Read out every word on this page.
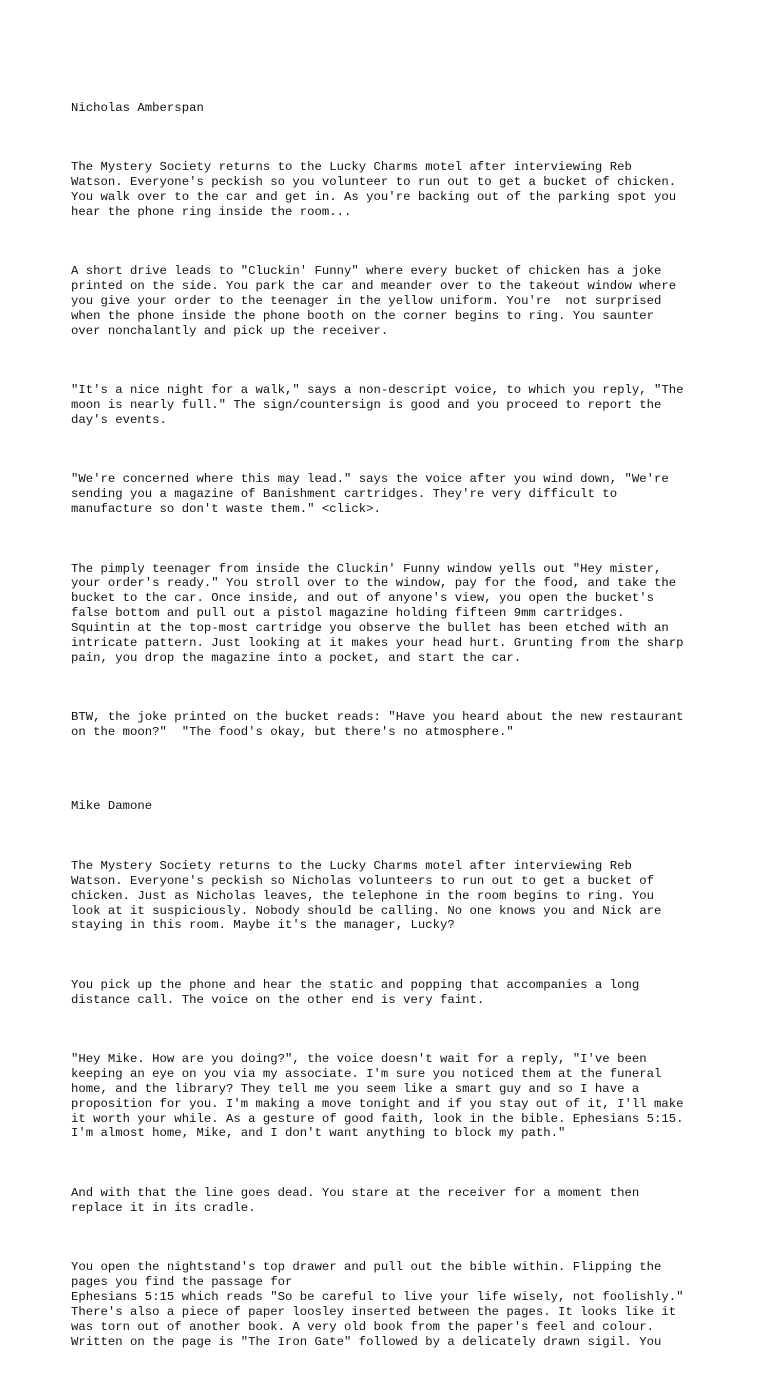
Nicholas Amberspan

The Mystery Society returns to the Lucky Charms motel after interviewing Reb
Watson. Everyone's peckish so you volunteer to run out to get a bucket of chicken.
You walk over to the car and get in. As you're backing out of the parking spot you
hear the phone ring inside the room...

A short drive leads to "Cluckin' Funny" where every bucket of chicken has a joke
printed on the side. You park the car and meander over to the takeout window where
you give your order to the teenager in the yellow uniform. You're  not surprised
when the phone inside the phone booth on the corner begins to ring. You saunter
over nonchalantly and pick up the receiver.

"It's a nice night for a walk," says a non-descript voice, to which you reply, "The
moon is nearly full." The sign/countersign is good and you proceed to report the
day's events.

"We're concerned where this may lead." says the voice after you wind down, "We're
sending you a magazine of Banishment cartridges. They're very difficult to
manufacture so don't waste them." <click>.

The pimply teenager from inside the Cluckin' Funny window yells out "Hey mister,
your order's ready." You stroll over to the window, pay for the food, and take the
bucket to the car. Once inside, and out of anyone's view, you open the bucket's
false bottom and pull out a pistol magazine holding fifteen 9mm cartridges.
Squintin at the top-most cartridge you observe the bullet has been etched with an
intricate pattern. Just looking at it makes your head hurt. Grunting from the sharp
pain, you drop the magazine into a pocket, and start the car.

BTW, the joke printed on the bucket reads: "Have you heard about the new restaurant
on the moon?"  "The food's okay, but there's no atmosphere."

Mike Damone

The Mystery Society returns to the Lucky Charms motel after interviewing Reb
Watson. Everyone's peckish so Nicholas volunteers to run out to get a bucket of
chicken. Just as Nicholas leaves, the telephone in the room begins to ring. You
look at it suspiciously. Nobody should be calling. No one knows you and Nick are
staying in this room. Maybe it's the manager, Lucky?

You pick up the phone and hear the static and popping that accompanies a long
distance call. The voice on the other end is very faint.

"Hey Mike. How are you doing?", the voice doesn't wait for a reply, "I've been
keeping an eye on you via my associate. I'm sure you noticed them at the funeral
home, and the library? They tell me you seem like a smart guy and so I have a
proposition for you. I'm making a move tonight and if you stay out of it, I'll make
it worth your while. As a gesture of good faith, look in the bible. Ephesians 5:15.
I'm almost home, Mike, and I don't want anything to block my path."

And with that the line goes dead. You stare at the receiver for a moment then
replace it in its cradle.

You open the nightstand's top drawer and pull out the bible within. Flipping the
pages you find the passage for
Ephesians 5:15 which reads "So be careful to live your life wisely, not foolishly."
There's also a piece of paper loosley inserted between the pages. It looks like it
was torn out of another book. A very old book from the paper's feel and colour.
Written on the page is "The Iron Gate" followed by a delicately drawn sigil. You
